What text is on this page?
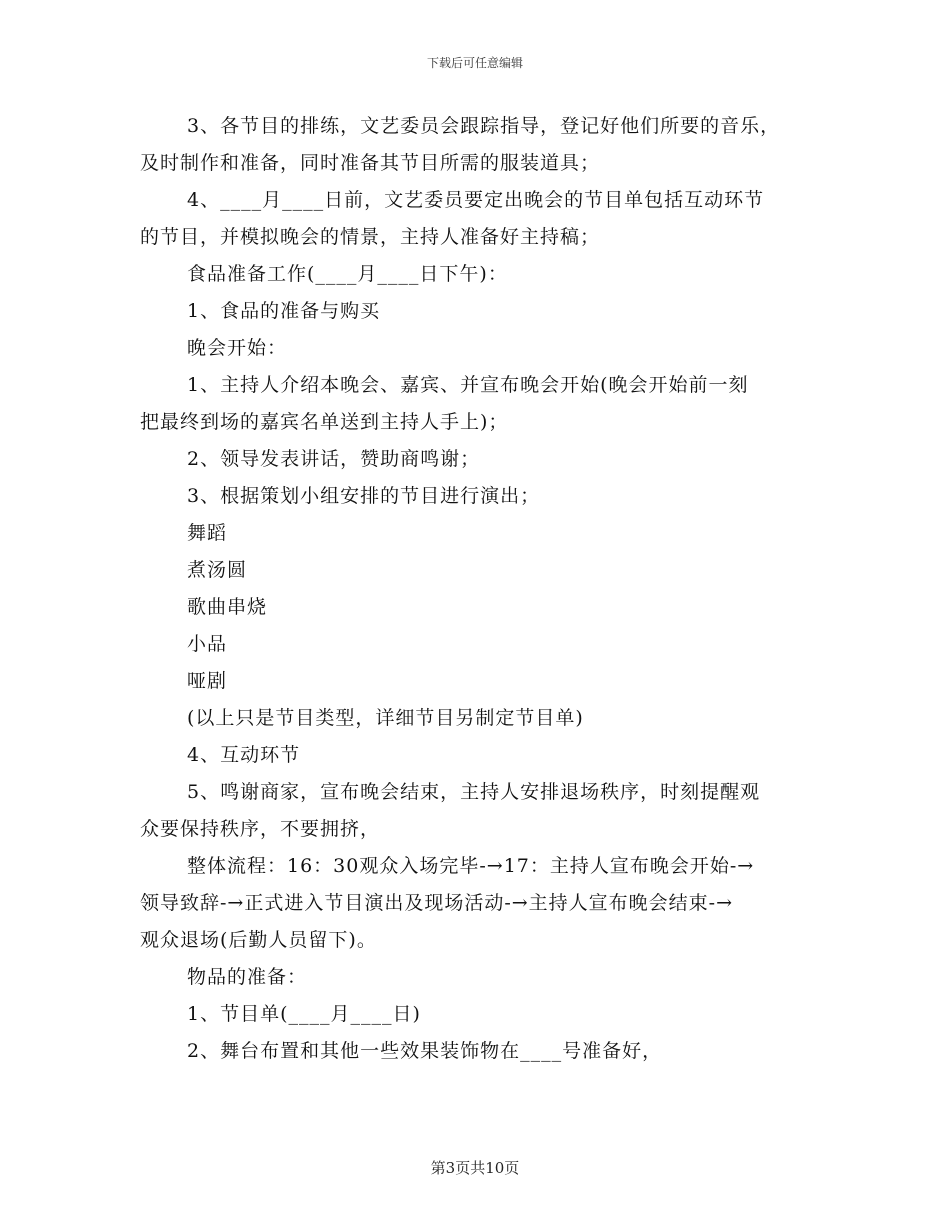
下载后可任意编辑
3、各节目的排练，文艺委员会跟踪指导，登记好他们所要的音乐，
及时制作和准备，同时准备其节目所需的服装道具；
4、____月____日前，文艺委员要定出晚会的节目单包括互动环节
的节目，并模拟晚会的情景，主持人准备好主持稿；
食品准备工作(____月____日下午)：
1、食品的准备与购买
晚会开始：
1、主持人介绍本晚会、嘉宾、并宣布晚会开始(晚会开始前一刻
把最终到场的嘉宾名单送到主持人手上)；
2、领导发表讲话，赞助商鸣谢；
3、根据策划小组安排的节目进行演出；
舞蹈
煮汤圆
歌曲串烧
小品
哑剧
(以上只是节目类型，详细节目另制定节目单)
4、互动环节
5、鸣谢商家，宣布晚会结束，主持人安排退场秩序，时刻提醒观
众要保持秩序，不要拥挤，
整体流程：16：30观众入场完毕-→17：主持人宣布晚会开始-→
领导致辞-→正式进入节目演出及现场活动-→主持人宣布晚会结束-→
观众退场(后勤人员留下)。
物品的准备：
1、节目单(____月____日)
2、舞台布置和其他一些效果装饰物在____号准备好，
第3页共10页
